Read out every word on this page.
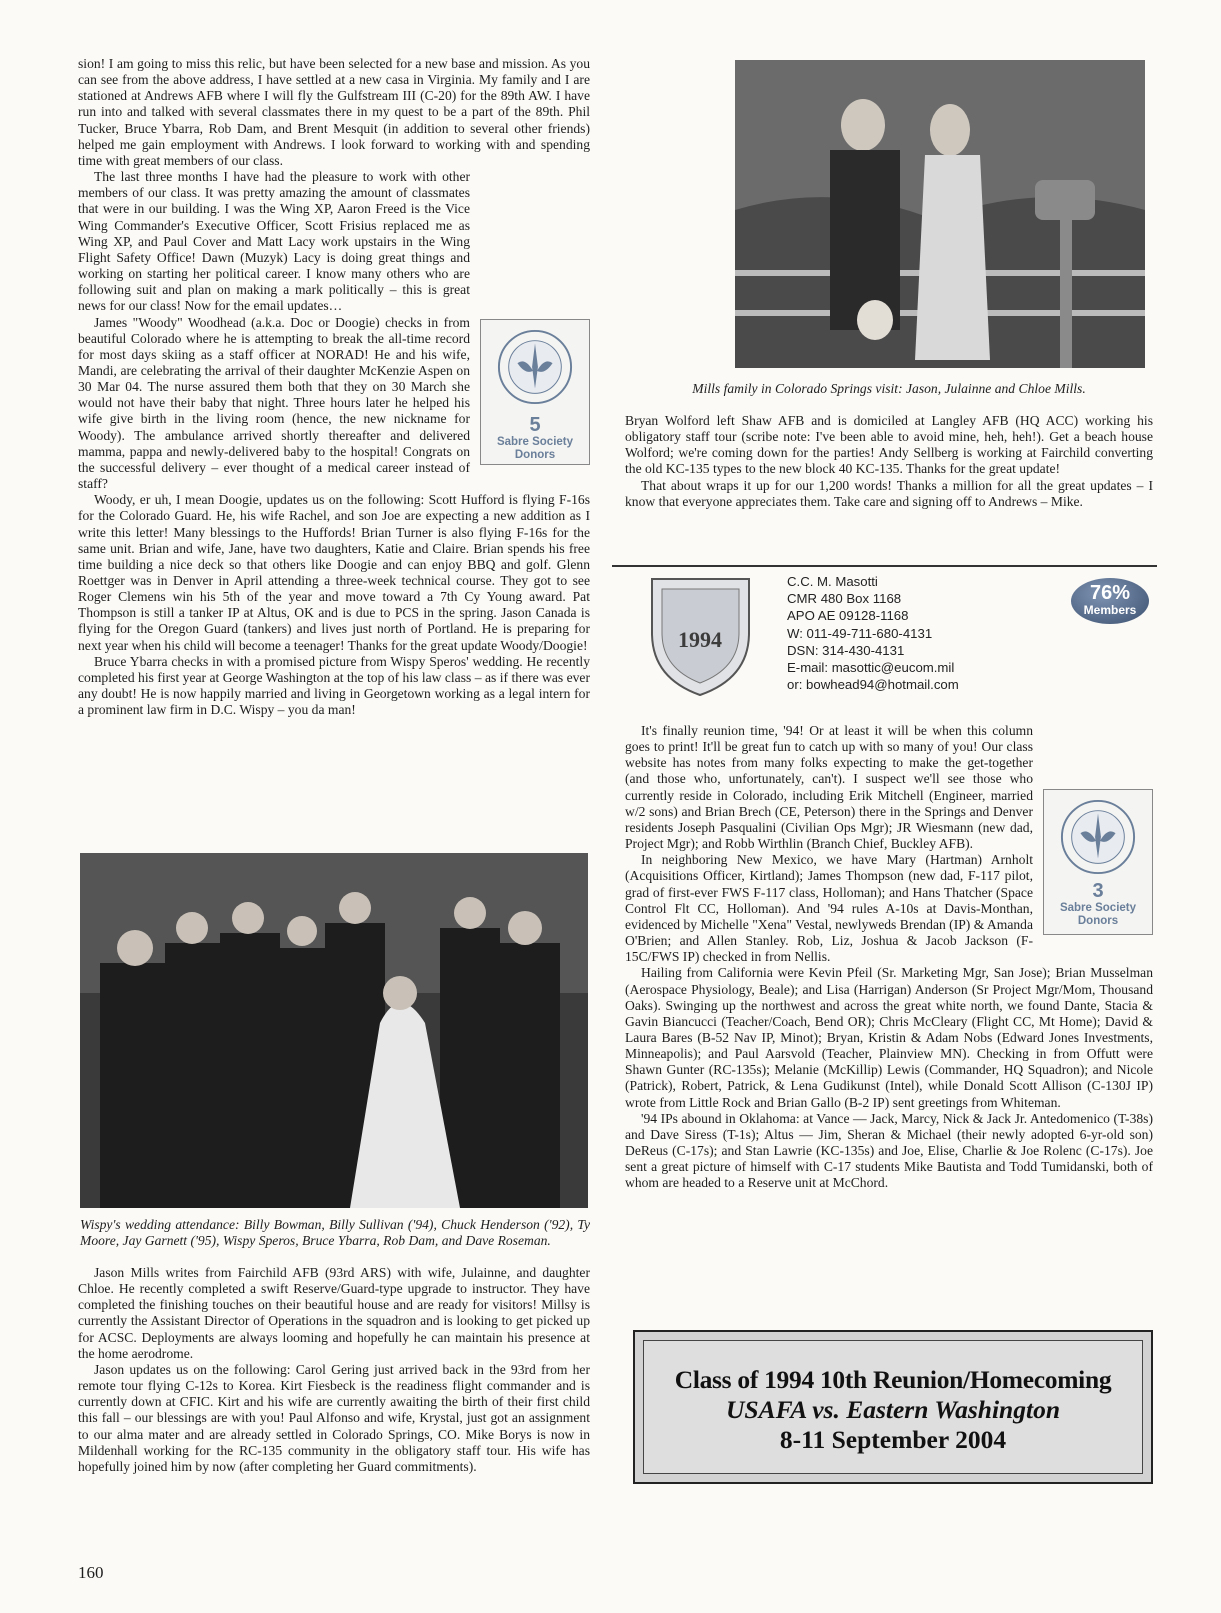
sion! I am going to miss this relic, but have been selected for a new base and mission. As you can see from the above address, I have settled at a new casa in Virginia. My family and I are stationed at Andrews AFB where I will fly the Gulfstream III (C-20) for the 89th AW. I have run into and talked with several classmates there in my quest to be a part of the 89th. Phil Tucker, Bruce Ybarra, Rob Dam, and Brent Mesquit (in addition to several other friends) helped me gain employment with Andrews. I look forward to working with and spending time with great members of our class.

5
Sabre Society
Donors

The last three months I have had the pleasure to work with other members of our class. It was pretty amazing the amount of classmates that were in our building. I was the Wing XP, Aaron Freed is the Vice Wing Commander's Executive Officer, Scott Frisius replaced me as Wing XP, and Paul Cover and Matt Lacy work upstairs in the Wing Flight Safety Office! Dawn (Muzyk) Lacy is doing great things and working on starting her political career. I know many others who are following suit and plan on making a mark politically – this is great news for our class! Now for the email updates…

James "Woody" Woodhead (a.k.a. Doc or Doogie) checks in from beautiful Colorado where he is attempting to break the all-time record for most days skiing as a staff officer at NORAD! He and his wife, Mandi, are celebrating the arrival of their daughter McKenzie Aspen on 30 Mar 04. The nurse assured them both that they on 30 March she would not have their baby that night. Three hours later he helped his wife give birth in the living room (hence, the new nickname for Woody). The ambulance arrived shortly thereafter and delivered mamma, pappa and newly-delivered baby to the hospital! Congrats on the successful delivery – ever thought of a medical career instead of staff?

Woody, er uh, I mean Doogie, updates us on the following: Scott Hufford is flying F-16s for the Colorado Guard. He, his wife Rachel, and son Joe are expecting a new addition as I write this letter! Many blessings to the Huffords! Brian Turner is also flying F-16s for the same unit. Brian and wife, Jane, have two daughters, Katie and Claire. Brian spends his free time building a nice deck so that others like Doogie and can enjoy BBQ and golf. Glenn Roettger was in Denver in April attending a three-week technical course. They got to see Roger Clemens win his 5th of the year and move toward a 7th Cy Young award. Pat Thompson is still a tanker IP at Altus, OK and is due to PCS in the spring. Jason Canada is flying for the Oregon Guard (tankers) and lives just north of Portland. He is preparing for next year when his child will become a teenager! Thanks for the great update Woody/Doogie!

Bruce Ybarra checks in with a promised picture from Wispy Speros' wedding. He recently completed his first year at George Washington at the top of his law class – as if there was ever any doubt! He is now happily married and living in Georgetown working as a legal intern for a prominent law firm in D.C. Wispy – you da man!

Wispy's wedding attendance: Billy Bowman, Billy Sullivan ('94), Chuck Henderson ('92), Ty Moore, Jay Garnett ('95), Wispy Speros, Bruce Ybarra, Rob Dam, and Dave Roseman.

Jason Mills writes from Fairchild AFB (93rd ARS) with wife, Julainne, and daughter Chloe. He recently completed a swift Reserve/Guard-type upgrade to instructor. They have completed the finishing touches on their beautiful house and are ready for visitors! Millsy is currently the Assistant Director of Operations in the squadron and is looking to get picked up for ACSC. Deployments are always looming and hopefully he can maintain his presence at the home aerodrome.

Jason updates us on the following: Carol Gering just arrived back in the 93rd from her remote tour flying C-12s to Korea. Kirt Fiesbeck is the readiness flight commander and is currently down at CFIC. Kirt and his wife are currently awaiting the birth of their first child this fall – our blessings are with you! Paul Alfonso and wife, Krystal, just got an assignment to our alma mater and are already settled in Colorado Springs, CO. Mike Borys is now in Mildenhall working for the RC-135 community in the obligatory staff tour. His wife has hopefully joined him by now (after completing her Guard commitments).

Mills family in Colorado Springs visit: Jason, Julainne and Chloe Mills.

Bryan Wolford left Shaw AFB and is domiciled at Langley AFB (HQ ACC) working his obligatory staff tour (scribe note: I've been able to avoid mine, heh, heh!). Get a beach house Wolford; we're coming down for the parties! Andy Sellberg is working at Fairchild converting the old KC-135 types to the new block 40 KC-135. Thanks for the great update!

That about wraps it up for our 1,200 words! Thanks a million for all the great updates – I know that everyone appreciates them. Take care and signing off to Andrews – Mike.

1994
C.C. M. Masotti
CMR 480 Box 1168
APO AE 09128-1168
W: 011-49-711-680-4131
DSN: 314-430-4131
E-mail: masottic@eucom.mil
or: bowhead94@hotmail.com
76%
Members
3
Sabre Society
Donors

It's finally reunion time, '94! Or at least it will be when this column goes to print! It'll be great fun to catch up with so many of you! Our class website has notes from many folks expecting to make the get-together (and those who, unfortunately, can't). I suspect we'll see those who currently reside in Colorado, including Erik Mitchell (Engineer, married w/2 sons) and Brian Brech (CE, Peterson) there in the Springs and Denver residents Joseph Pasqualini (Civilian Ops Mgr); JR Wiesmann (new dad, Project Mgr); and Robb Wirthlin (Branch Chief, Buckley AFB).

In neighboring New Mexico, we have Mary (Hartman) Arnholt (Acquisitions Officer, Kirtland); James Thompson (new dad, F-117 pilot, grad of first-ever FWS F-117 class, Holloman); and Hans Thatcher (Space Control Flt CC, Holloman). And '94 rules A-10s at Davis-Monthan, evidenced by Michelle "Xena" Vestal, newlyweds Brendan (IP) & Amanda O'Brien; and Allen Stanley. Rob, Liz, Joshua & Jacob Jackson (F-15C/FWS IP) checked in from Nellis.

Hailing from California were Kevin Pfeil (Sr. Marketing Mgr, San Jose); Brian Musselman (Aerospace Physiology, Beale); and Lisa (Harrigan) Anderson (Sr Project Mgr/Mom, Thousand Oaks). Swinging up the northwest and across the great white north, we found Dante, Stacia & Gavin Biancucci (Teacher/Coach, Bend OR); Chris McCleary (Flight CC, Mt Home); David & Laura Bares (B-52 Nav IP, Minot); Bryan, Kristin & Adam Nobs (Edward Jones Investments, Minneapolis); and Paul Aarsvold (Teacher, Plainview MN). Checking in from Offutt were Shawn Gunter (RC-135s); Melanie (McKillip) Lewis (Commander, HQ Squadron); and Nicole (Patrick), Robert, Patrick, & Lena Gudikunst (Intel), while Donald Scott Allison (C-130J IP) wrote from Little Rock and Brian Gallo (B-2 IP) sent greetings from Whiteman.

'94 IPs abound in Oklahoma: at Vance — Jack, Marcy, Nick & Jack Jr. Antedomenico (T-38s) and Dave Siress (T-1s); Altus — Jim, Sheran & Michael (their newly adopted 6-yr-old son) DeReus (C-17s); and Stan Lawrie (KC-135s) and Joe, Elise, Charlie & Joe Rolenc (C-17s). Joe sent a great picture of himself with C-17 students Mike Bautista and Todd Tumidanski, both of whom are headed to a Reserve unit at McChord.

Class of 1994 10th Reunion/Homecoming
USAFA vs. Eastern Washington
8-11 September 2004
160
